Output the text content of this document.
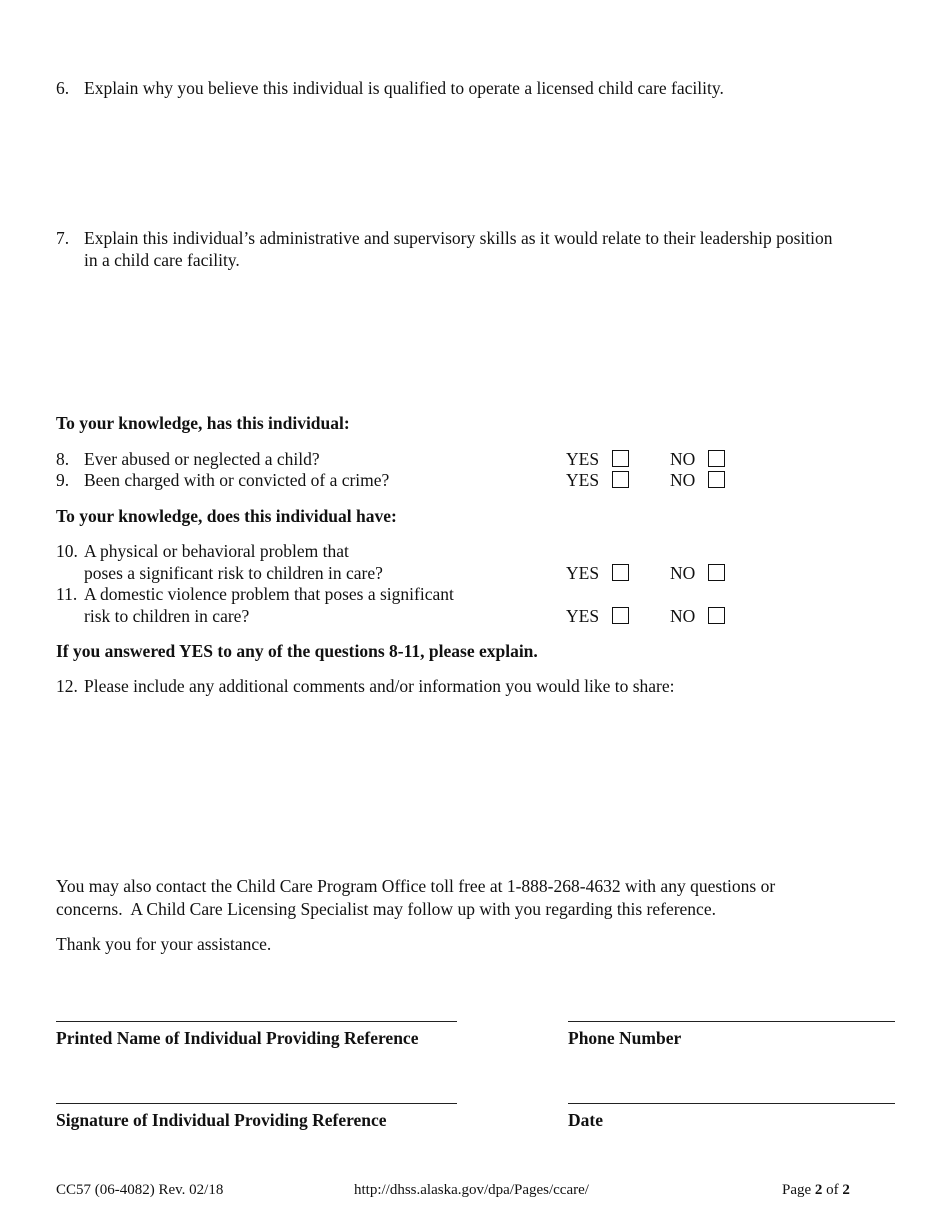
6. Explain why you believe this individual is qualified to operate a licensed child care facility.
7. Explain this individual’s administrative and supervisory skills as it would relate to their leadership position
in a child care facility.
To your knowledge, has this individual:
8. Ever abused or neglected a child?	YES	NO
9. Been charged with or convicted of a crime?	YES	NO
To your knowledge, does this individual have:
10. A physical or behavioral problem that
poses a significant risk to children in care?	YES	NO
11. A domestic violence problem that poses a significant
risk to children in care?	YES	NO
If you answered YES to any of the questions 8-11, please explain.
12. Please include any additional comments and/or information you would like to share:
You may also contact the Child Care Program Office toll free at 1-888-268-4632 with any questions or
concerns.  A Child Care Licensing Specialist may follow up with you regarding this reference.
Thank you for your assistance.
Printed Name of Individual Providing Reference	Phone Number
Signature of Individual Providing Reference	Date
CC57 (06-4082) Rev. 02/18	http://dhss.alaska.gov/dpa/Pages/ccare/	Page 2 of 2
